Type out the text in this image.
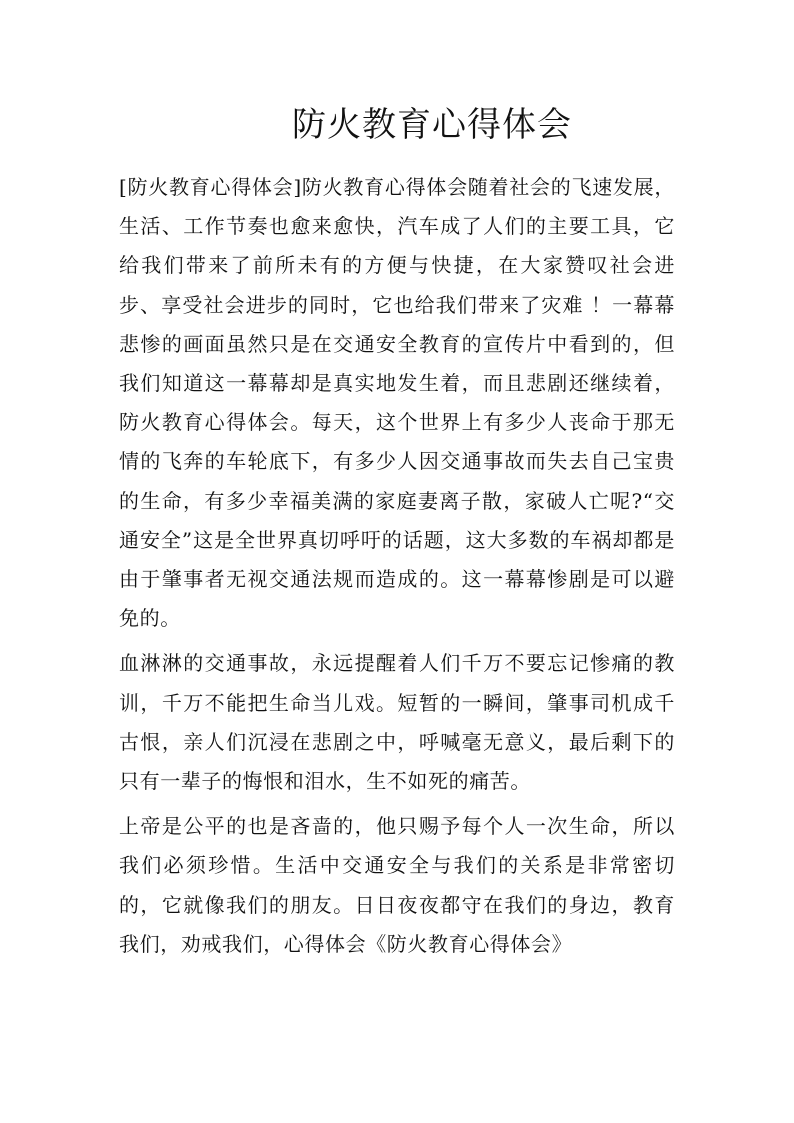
防火教育心得体会

[防火教育心得体会]防火教育心得体会随着社会的飞速发展，生活、工作节奏也愈来愈快，汽车成了人们的主要工具，它给我们带来了前所未有的方便与快捷，在大家赞叹社会进步、享受社会进步的同时，它也给我们带来了灾难 ！一幕幕悲惨的画面虽然只是在交通安全教育的宣传片中看到的，但我们知道这一幕幕却是真实地发生着，而且悲剧还继续着，防火教育心得体会。每天，这个世界上有多少人丧命于那无情的飞奔的车轮底下，有多少人因交通事故而失去自己宝贵的生命，有多少幸福美满的家庭妻离子散，家破人亡呢?“交通安全”这是全世界真切呼吁的话题，这大多数的车祸却都是由于肇事者无视交通法规而造成的。这一幕幕惨剧是可以避免的。

血淋淋的交通事故，永远提醒着人们千万不要忘记惨痛的教训，千万不能把生命当儿戏。短暂的一瞬间，肇事司机成千古恨，亲人们沉浸在悲剧之中，呼喊毫无意义，最后剩下的只有一辈子的悔恨和泪水，生不如死的痛苦。

上帝是公平的也是吝啬的，他只赐予每个人一次生命，所以我们必须珍惜。生活中交通安全与我们的关系是非常密切的，它就像我们的朋友。日日夜夜都守在我们的身边，教育我们，劝戒我们，心得体会《防火教育心得体会》
